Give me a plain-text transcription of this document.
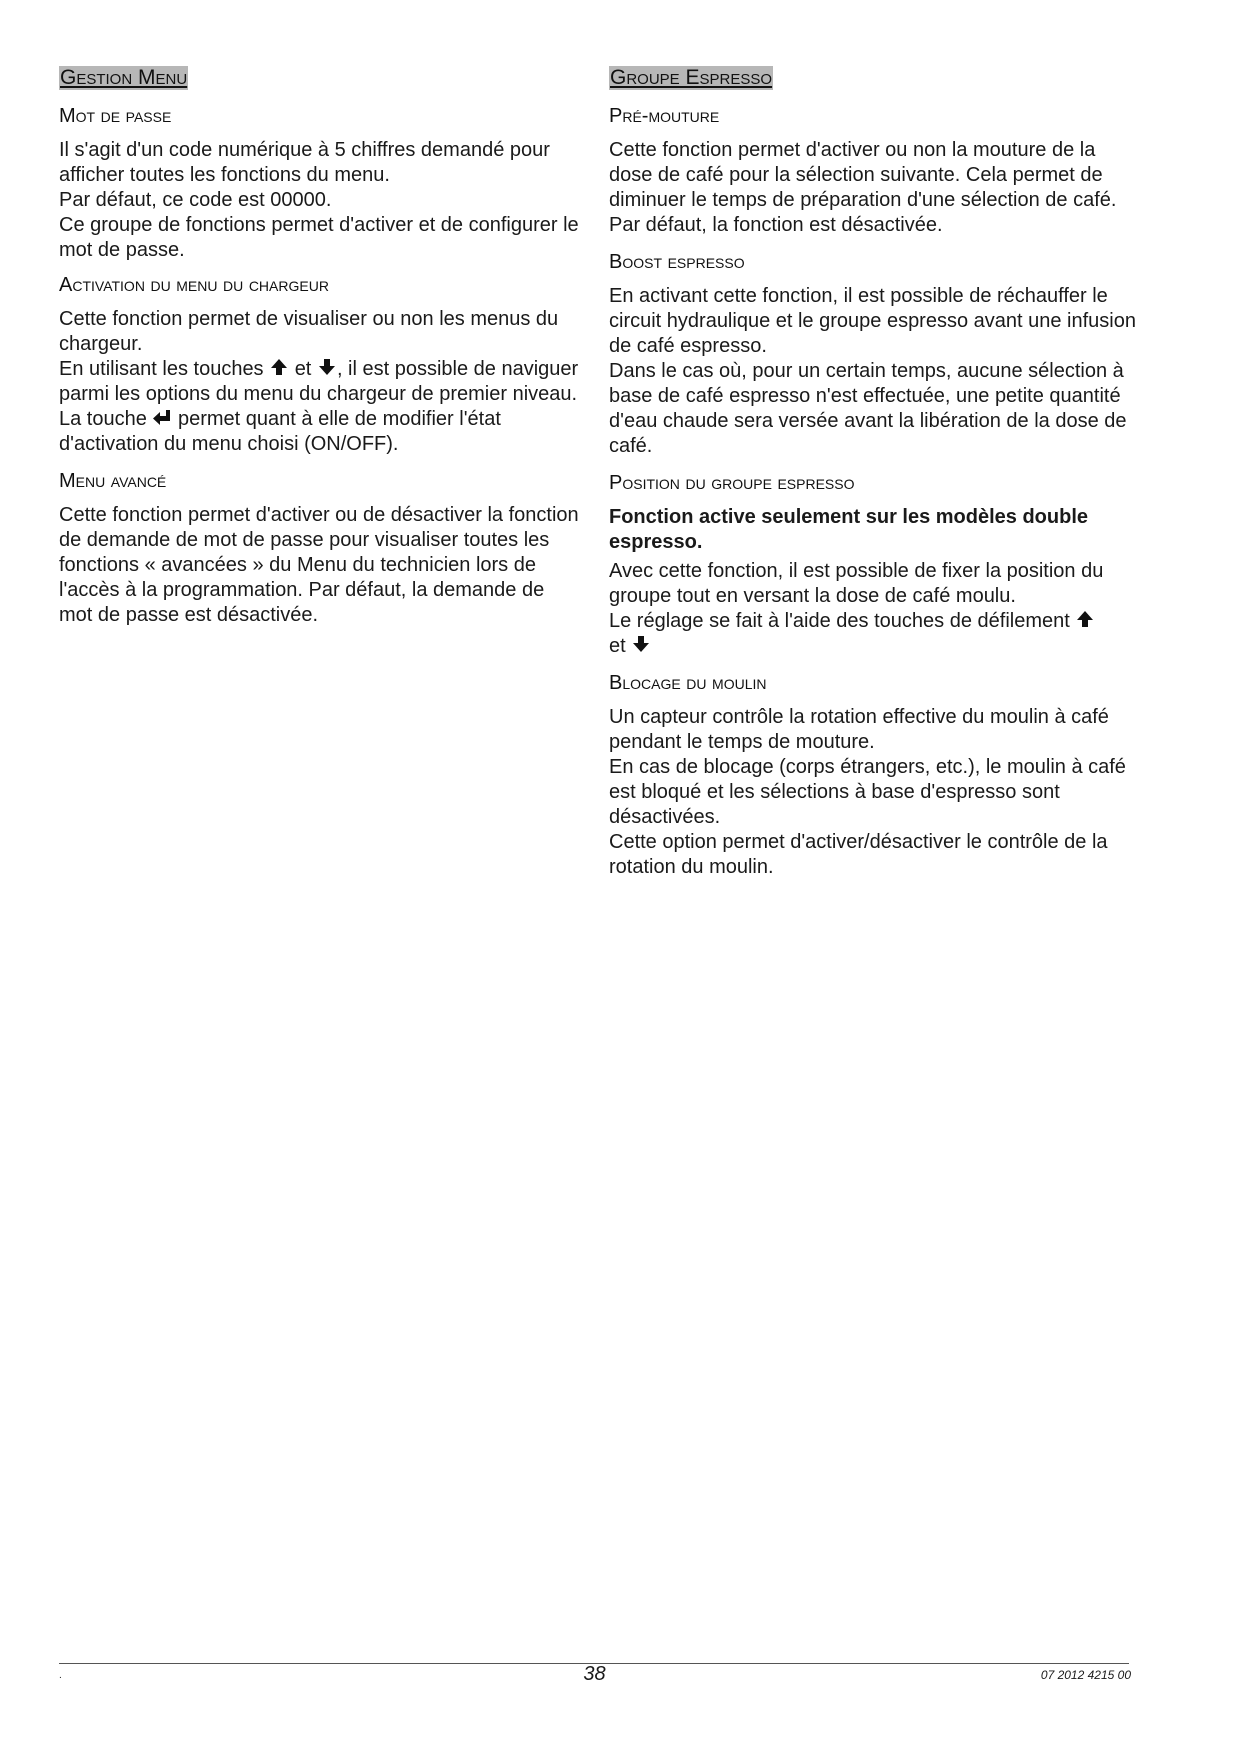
Gestion Menu
Mot de passe

Il s'agit d'un code numérique à 5 chiffres demandé pour afficher toutes les fonctions du menu.
Par défaut, ce code est 00000.
Ce groupe de fonctions permet d'activer et de configurer le mot de passe.

Activation du menu du chargeur

Cette fonction permet de visualiser ou non les menus du chargeur.
En utilisant les touches et , il est possible de naviguer parmi les options du menu du chargeur de premier niveau. La touche permet quant à elle de modifier l'état d'activation du menu choisi (ON/OFF).

Menu avancé

Cette fonction permet d'activer ou de désactiver la fonction de demande de mot de passe pour visualiser toutes les fonctions « avancées » du Menu du technicien lors de l'accès à la programmation. Par défaut, la demande de mot de passe est désactivée.

Groupe Espresso
Pré-mouture

Cette fonction permet d'activer ou non la mouture de la dose de café pour la sélection suivante. Cela permet de diminuer le temps de préparation d'une sélection de café.
Par défaut, la fonction est désactivée.

Boost espresso

En activant cette fonction, il est possible de réchauffer le circuit hydraulique et le groupe espresso avant une infusion de café espresso.
Dans le cas où, pour un certain temps, aucune sélection à base de café espresso n'est effectuée, une petite quantité d'eau chaude sera versée avant la libération de la dose de café.

Position du groupe espresso

Fonction active seulement sur les modèles double espresso.

Avec cette fonction, il est possible de fixer la position du groupe tout en versant la dose de café moulu.
Le réglage se fait à l'aide des touches de défilement
et

Blocage du moulin

Un capteur contrôle la rotation effective du moulin à café pendant le temps de mouture.
En cas de blocage (corps étrangers, etc.), le moulin à café est bloqué et les sélections à base d'espresso sont désactivées.
Cette option permet d'activer/désactiver le contrôle de la rotation du moulin.

.	38	07 2012 4215 00
